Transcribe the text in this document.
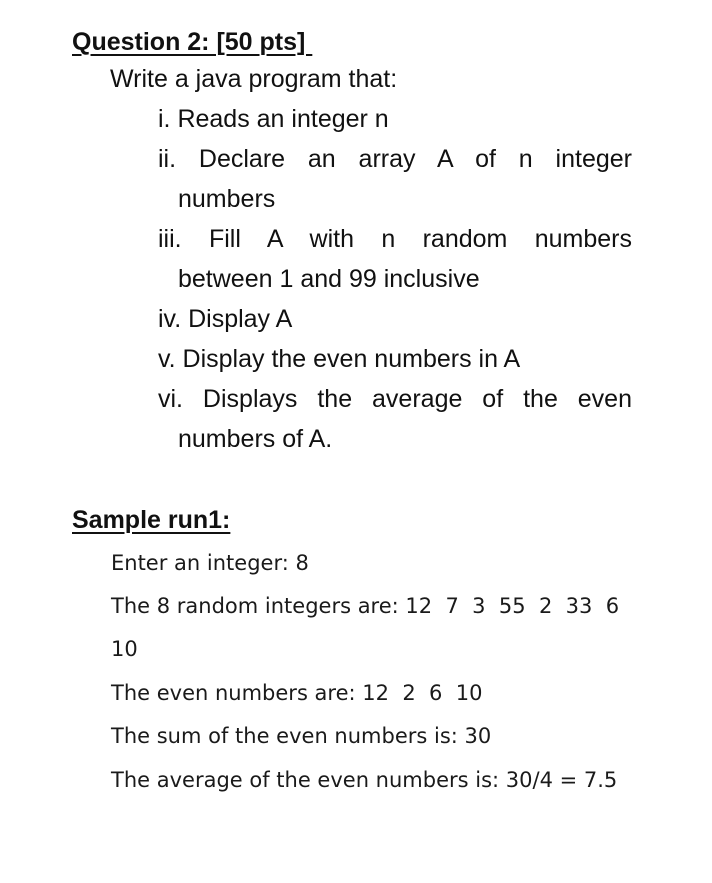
Question 2: [50 pts]
Write a java program that:
i. Reads an integer n
ii. Declare an array A of n integer
numbers
iii. Fill A with n random numbers
between 1 and 99 inclusive
iv. Display A
v. Display the even numbers in A
vi. Displays the average of the even
numbers of A.
Sample run1:
Enter an integer: 8
The 8 random integers are: 12  7  3  55  2  33  6
10
The even numbers are: 12  2  6  10
The sum of the even numbers is: 30
The average of the even numbers is: 30/4 = 7.5
